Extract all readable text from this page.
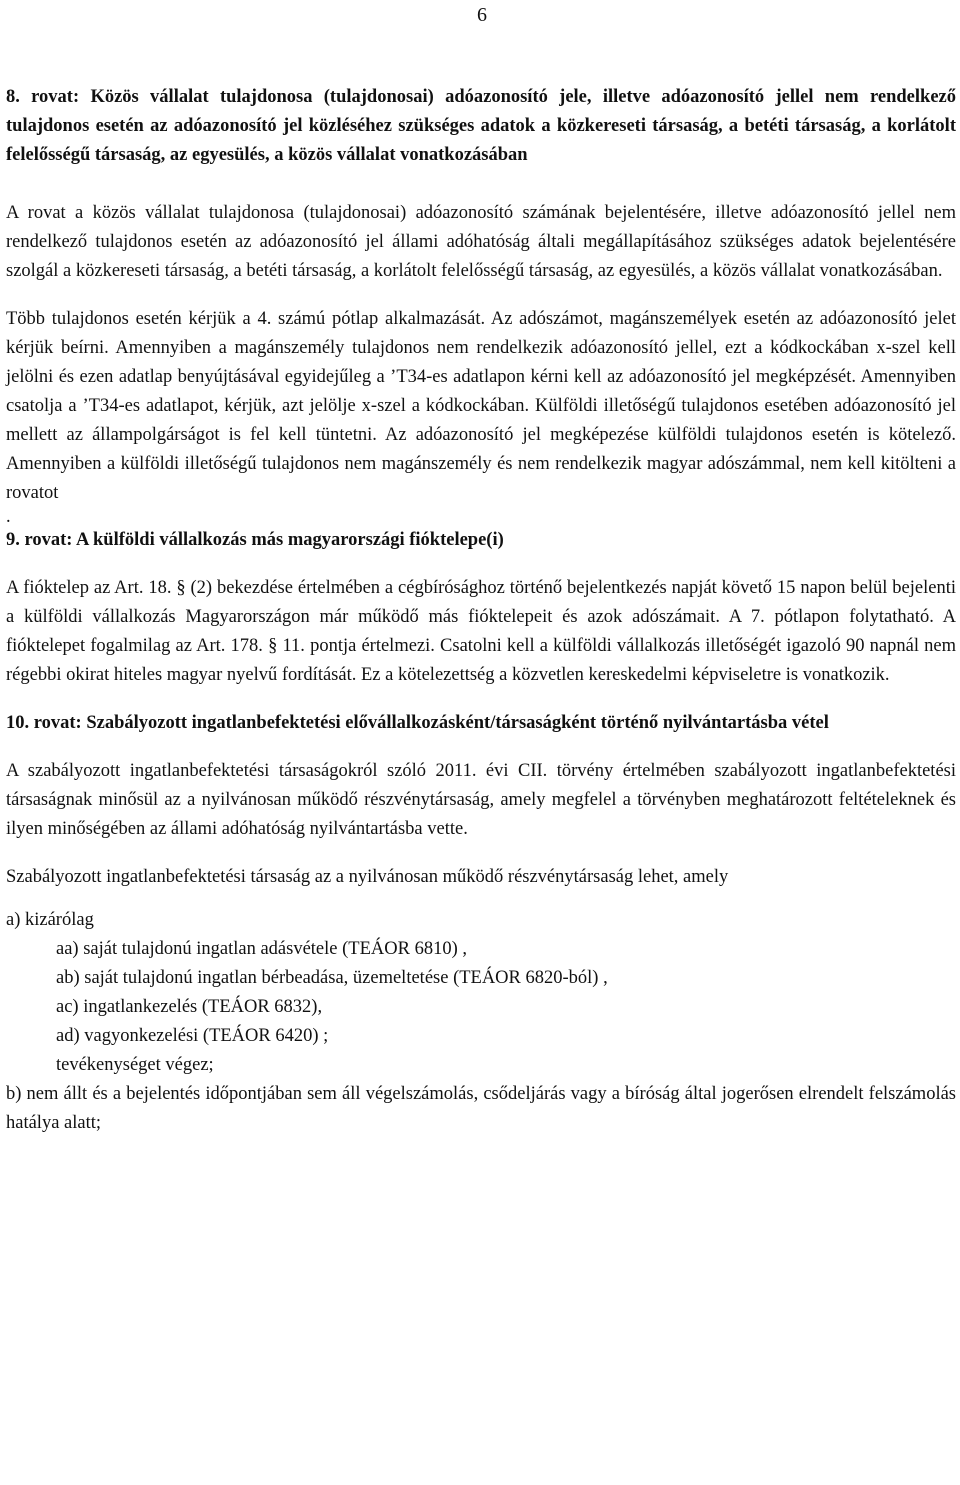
6

8. rovat: Közös vállalat tulajdonosa (tulajdonosai) adóazonosító jele, illetve adóazonosító jellel nem rendelkező tulajdonos esetén az adóazonosító jel közléséhez szükséges adatok a közkereseti társaság, a betéti társaság, a korlátolt felelősségű társaság, az egyesülés, a közös vállalat vonatkozásában

A rovat a közös vállalat tulajdonosa (tulajdonosai) adóazonosító számának bejelentésére, illetve adóazonosító jellel nem rendelkező tulajdonos esetén az adóazonosító jel állami adóhatóság általi megállapításához szükséges adatok bejelentésére szolgál a közkereseti társaság, a betéti társaság, a korlátolt felelősségű társaság, az egyesülés, a közös vállalat vonatkozásában.

Több tulajdonos esetén kérjük a 4. számú pótlap alkalmazását. Az adószámot, magánszemélyek esetén az adóazonosító jelet kérjük beírni. Amennyiben a magánszemély tulajdonos nem rendelkezik adóazonosító jellel, ezt a kódkockában x-szel kell jelölni és ezen adatlap benyújtásával egyidejűleg a ’T34-es adatlapon kérni kell az adóazonosító jel megképzését. Amennyiben csatolja a ’T34-es adatlapot, kérjük, azt jelölje x-szel a kódkockában. Külföldi illetőségű tulajdonos esetében adóazonosító jel mellett az állampolgárságot is fel kell tüntetni. Az adóazonosító jel megképezése külföldi tulajdonos esetén is kötelező. Amennyiben a külföldi illetőségű tulajdonos nem magánszemély és nem rendelkezik magyar adószámmal, nem kell kitölteni a rovatot

.

9. rovat: A külföldi vállalkozás más magyarországi fióktelepe(i)

A fióktelep az Art. 18. § (2) bekezdése értelmében a cégbírósághoz történő bejelentkezés napját követő 15 napon belül bejelenti a külföldi vállalkozás Magyarországon már működő más fióktelepeit és azok adószámait. A 7. pótlapon folytatható. A fióktelepet fogalmilag az Art. 178. § 11. pontja értelmezi. Csatolni kell a külföldi vállalkozás illetőségét igazoló 90 napnál nem régebbi okirat hiteles magyar nyelvű fordítását. Ez a kötelezettség a közvetlen kereskedelmi képviseletre is vonatkozik.

10. rovat: Szabályozott ingatlanbefektetési elővállalkozásként/társaságként történő nyilvántartásba vétel

A szabályozott ingatlanbefektetési társaságokról szóló 2011. évi CII. törvény értelmében szabályozott ingatlanbefektetési társaságnak minősül az a nyilvánosan működő részvénytársaság, amely megfelel a törvényben meghatározott feltételeknek és ilyen minőségében az állami adóhatóság nyilvántartásba vette.

Szabályozott ingatlanbefektetési társaság az a nyilvánosan működő részvénytársaság lehet, amely

a) kizárólag

aa) saját tulajdonú ingatlan adásvétele (TEÁOR 6810) ,

ab) saját tulajdonú ingatlan bérbeadása, üzemeltetése (TEÁOR 6820-ból) ,

ac) ingatlankezelés (TEÁOR 6832),

ad) vagyonkezelési (TEÁOR 6420) ;

tevékenységet végez;

b) nem állt és a bejelentés időpontjában sem áll végelszámolás, csődeljárás vagy a bíróság által jogerősen elrendelt felszámolás hatálya alatt;
